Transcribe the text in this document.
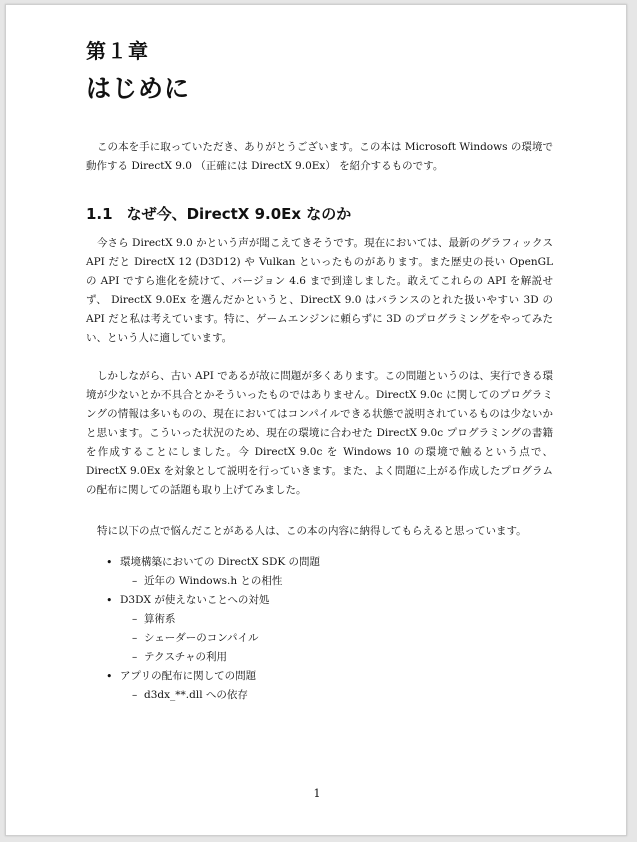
第１章
はじめに

この本を手に取っていただき、ありがとうございます。この本は Microsoft Windows の環境で動作する DirectX 9.0 （正確には DirectX 9.0Ex） を紹介するものです。

1.1 なぜ今、DirectX 9.0Ex なのか

今さら DirectX 9.0 かという声が聞こえてきそうです。現在においては、最新のグラフィックス API だと DirectX 12 (D3D12) や Vulkan といったものがあります。また歴史の長い OpenGL の API ですら進化を続けて、バージョン 4.6 まで到達しました。敢えてこれらの API を解説せず、 DirectX 9.0Ex を選んだかというと、DirectX 9.0 はバランスのとれた扱いやすい 3D の API だと私は考えています。特に、ゲームエンジンに頼らずに 3D のプログラミングをやってみたい、という人に適しています。

しかしながら、古い API であるが故に問題が多くあります。この問題というのは、実行できる環境が少ないとか不具合とかそういったものではありません。DirectX 9.0c に関してのプログラミングの情報は多いものの、現在においてはコンパイルできる状態で説明されているものは少ないかと思います。こういった状況のため、現在の環境に合わせた DirectX 9.0c プログラミングの書籍を作成することにしました。今 DirectX 9.0c を Windows 10 の環境で触るという点で、 DirectX 9.0Ex を対象として説明を行っていきます。また、よく問題に上がる作成したプログラムの配布に関しての話題も取り上げてみました。

特に以下の点で悩んだことがある人は、この本の内容に納得してもらえると思っています。

• 環境構築においての DirectX SDK の問題
– 近年の Windows.h との相性
• D3DX が使えないことへの対処
– 算術系
– シェーダーのコンパイル
– テクスチャの利用
• アプリの配布に関しての問題
– d3dx_**.dll への依存
1
